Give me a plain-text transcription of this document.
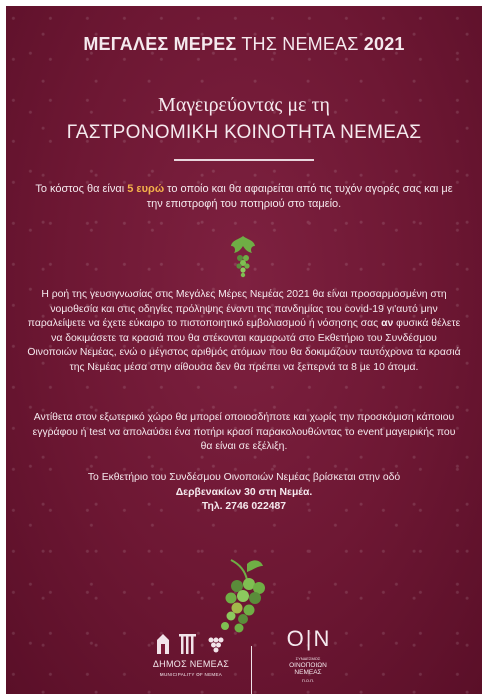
ΜΕΓΑΛΕΣ ΜΕΡΕΣ ΤΗΣ ΝΕΜΕΑΣ 2021
Μαγειρεύοντας με τη
ΓΑΣΤΡΟΝΟΜΙΚΗ ΚΟΙΝΟΤΗΤΑ ΝΕΜΕΑΣ
Το κόστος θα είναι 5 ευρώ το οποίο και θα αφαιρείται από τις τυχόν αγορές σας και με την επιστροφή του ποτηριού στο ταμείο.
Η ροή της γευσιγνωσίας στις Μεγάλες Μέρες Νεμέας 2021 θα είναι προσαρμοσμένη στη νομοθεσία και στις οδηγίες πρόληψης έναντι της πανδημίας του covid-19 γι'αυτό μην παραλείψετε να έχετε εύκαιρο το πιστοποιητικό εμβολιασμού ή νόσησης σας αν φυσικά θέλετε να δοκιμάσετε τα κρασιά που θα στέκονται καμαρωτά στο Εκθετήριο του Συνδέσμου Οινοποιών Νεμέας, ενώ ο μέγιστος αριθμός ατόμων που θα δοκιμάζουν ταυτόχρονα τα κρασιά της Νεμέας μέσα στην αίθουσα δεν θα πρέπει να ξεπερνά τα 8 με 10 άτομα.
Αντίθετα στον εξωτερικό χώρο θα μπορεί οποιοσδήποτε και χωρίς την προσκόμιση κάποιου εγγράφου ή test να απολαύσει ένα ποτήρι κρασί παρακολουθώντας το event μαγειρικής που θα είναι σε εξέλιξη.
Το Εκθετήριο του Συνδέσμου Οινοποιών Νεμέας βρίσκεται στην οδό
Δερβενακίων 30 στη Νεμέα.
Τηλ. 2746 022487
ΔΗΜΟΣ ΝΕΜΕΑΣ
MUNICIPALITY OF NEMEA
O|N
ΣΥΝΔΕΣΜΟΣ
ΟΙΝΟΠΟΙΩΝ
ΝΕΜΕΑΣ
Π.Ο.Π.
